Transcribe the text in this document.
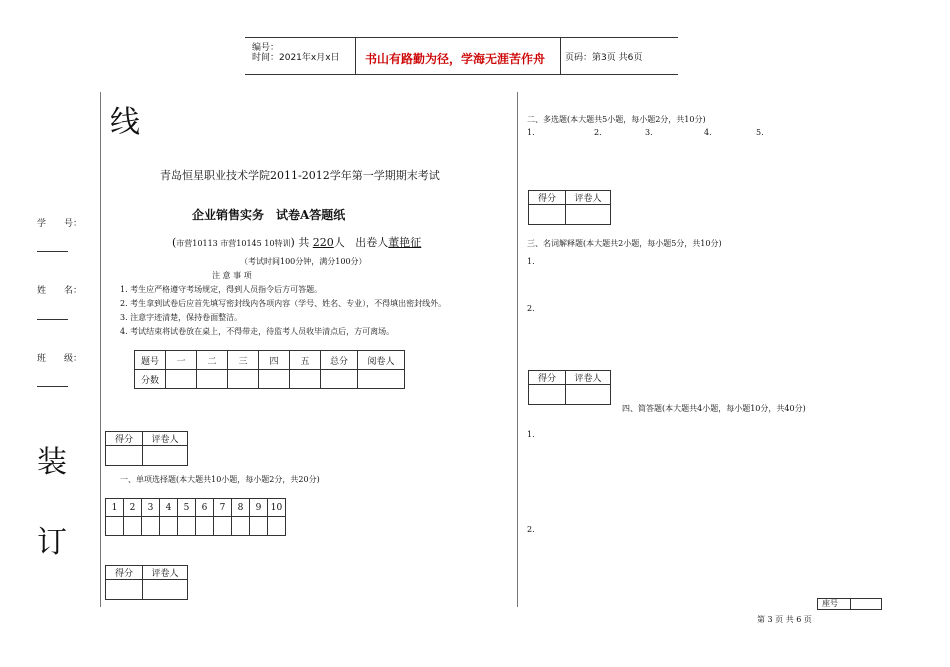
编号：
时间：2021年x月x日 书山有路勤为径，学海无涯苦作舟 页码：第3页 共6页
线
装
订
学　　号：
姓　　名：
班　　级：
青岛恒星职业技术学院2011-2012学年第一学期期末考试
企业销售实务　试卷A答题纸
(市营10113 市营10145 10特训) 共 220人 出卷人董艳征
（考试时间100分钟，满分100分）
注 意 事 项
1. 考生应严格遵守考场规定，得到人员指令后方可答题。
2. 考生拿到试卷后应首先填写密封线内各项内容（学号、姓名、专业），不得填出密封线外。
3. 注意字迹清楚，保持卷面整洁。
4. 考试结束将试卷放在桌上，不得带走，待监考人员收毕清点后，方可离场。
题号	一	二	三	四	五	总分	阅卷人
分数							
得分	评卷人

一、单项选择题(本大题共10小题，每小题2分，共20分)
1	2	3	4	5	6	7	8	9	10

得分	评卷人

二、多选题(本大题共5小题，每小题2分，共10分)
1.	2.	3.	4.	5.
得分	评卷人

三、名词解释题(本大题共2小题，每小题5分，共10分)
1.
2.
得分	评卷人

四、简答题(本大题共4小题，每小题10分，共40分)
1.
2.
座号
第 3 页 共 6 页
